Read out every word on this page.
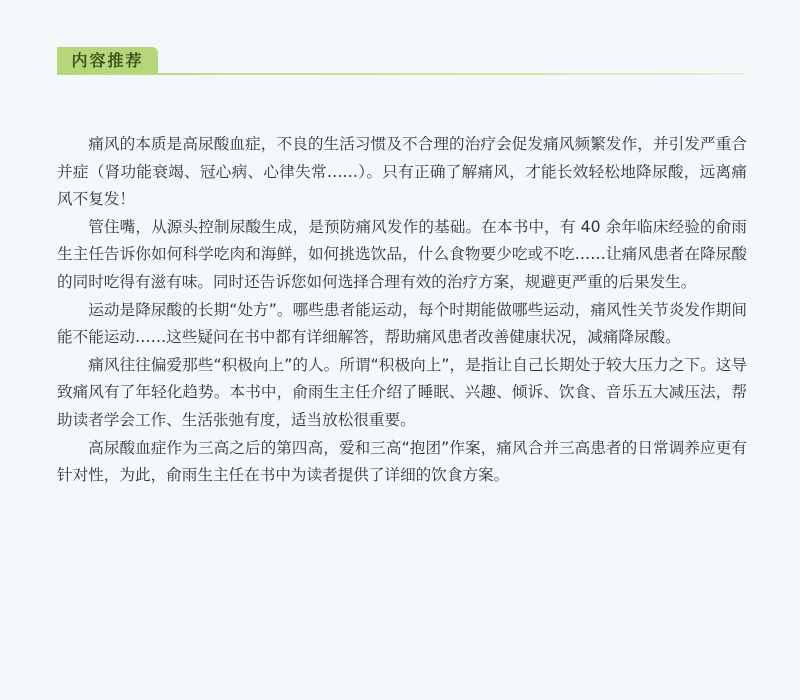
内容推荐

痛风的本质是高尿酸血症，不良的生活习惯及不合理的治疗会促发痛风频繁发作，并引发严重合并症（肾功能衰竭、冠心病、心律失常……）。只有正确了解痛风，才能长效轻松地降尿酸，远离痛风不复发！

管住嘴，从源头控制尿酸生成，是预防痛风发作的基础。在本书中，有 40 余年临床经验的俞雨生主任告诉你如何科学吃肉和海鲜，如何挑选饮品，什么食物要少吃或不吃……让痛风患者在降尿酸的同时吃得有滋有味。同时还告诉您如何选择合理有效的治疗方案，规避更严重的后果发生。

运动是降尿酸的长期“处方”。哪些患者能运动，每个时期能做哪些运动，痛风性关节炎发作期间能不能运动……这些疑问在书中都有详细解答，帮助痛风患者改善健康状况，减痛降尿酸。

痛风往往偏爱那些“积极向上”的人。所谓“积极向上”，是指让自己长期处于较大压力之下。这导致痛风有了年轻化趋势。本书中，俞雨生主任介绍了睡眠、兴趣、倾诉、饮食、音乐五大减压法，帮助读者学会工作、生活张弛有度，适当放松很重要。

高尿酸血症作为三高之后的第四高，爱和三高“抱团”作案，痛风合并三高患者的日常调养应更有针对性，为此，俞雨生主任在书中为读者提供了详细的饮食方案。
